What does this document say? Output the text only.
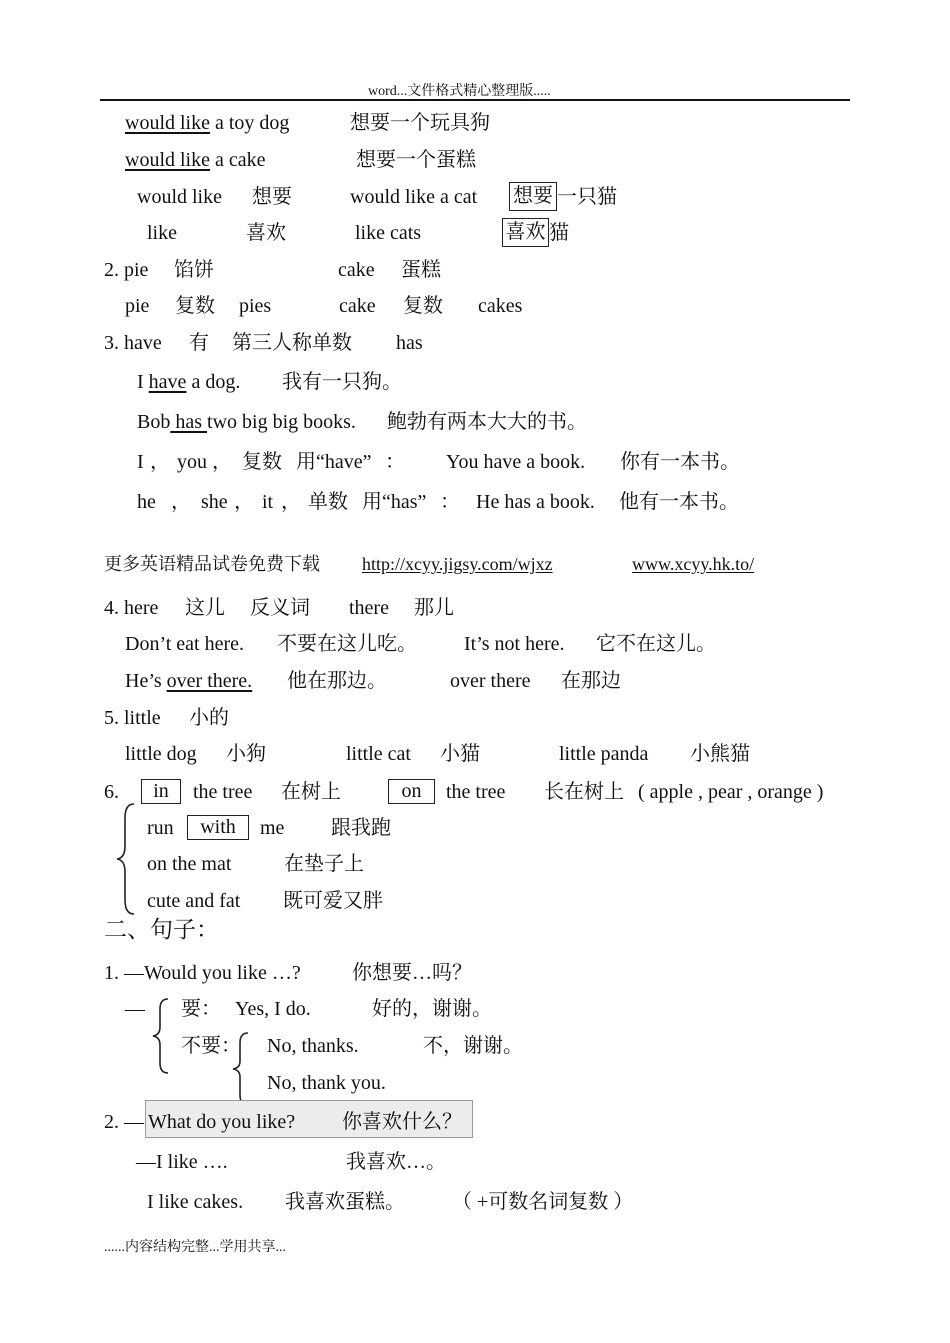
word...文件格式精心整理版.....
would like a toy dog	想要一个玩具狗
would like a cake	想要一个蛋糕
would like 想要	would like a cat 想要 一只猫
like	喜欢	like cats	喜欢 猫
2. pie 馅饼	cake 蛋糕
pie 复数 pies	cake 复数 cakes
3. have 有 第三人称单数 has
I have a dog. 我有一只狗。
Bob has two big big books. 鲍勃有两本大大的书。
I ， you ， 复数 用“have” ： You have a book. 你有一本书。
he ， she ， it ， 单数 用“has” ： He has a book. 他有一本书。
更多英语精品试卷免费下载 http://xcyy.jigsy.com/wjxz	www.xcyy.hk.to/
4. here 这儿 反义词 there 那儿
Don’t eat here. 不要在这儿吃。 It’s not here. 它不在这儿。
He’s over there. 他在那边。	over there 在那边
5. little 小的
little dog 小狗	little cat 小猫	little panda 小熊猫
6.	in	the tree 在树上	on	the tree 长在树上 ( apple , pear , orange )
run	with	me 跟我跑
on the mat	在垫子上
cute and fat 既可爱又胖
二、句子：
1. —Would you like …?	你想要…吗？
— 要： Yes, I do.	好的，谢谢。
不要： No, thanks.	不，谢谢。
No, thank you.
2. — What do you like? 你喜欢什么？
—I like ….	我喜欢…。
I like cakes. 我喜欢蛋糕。 （ +可数名词复数 ）
......内容结构完整...学用共享...
